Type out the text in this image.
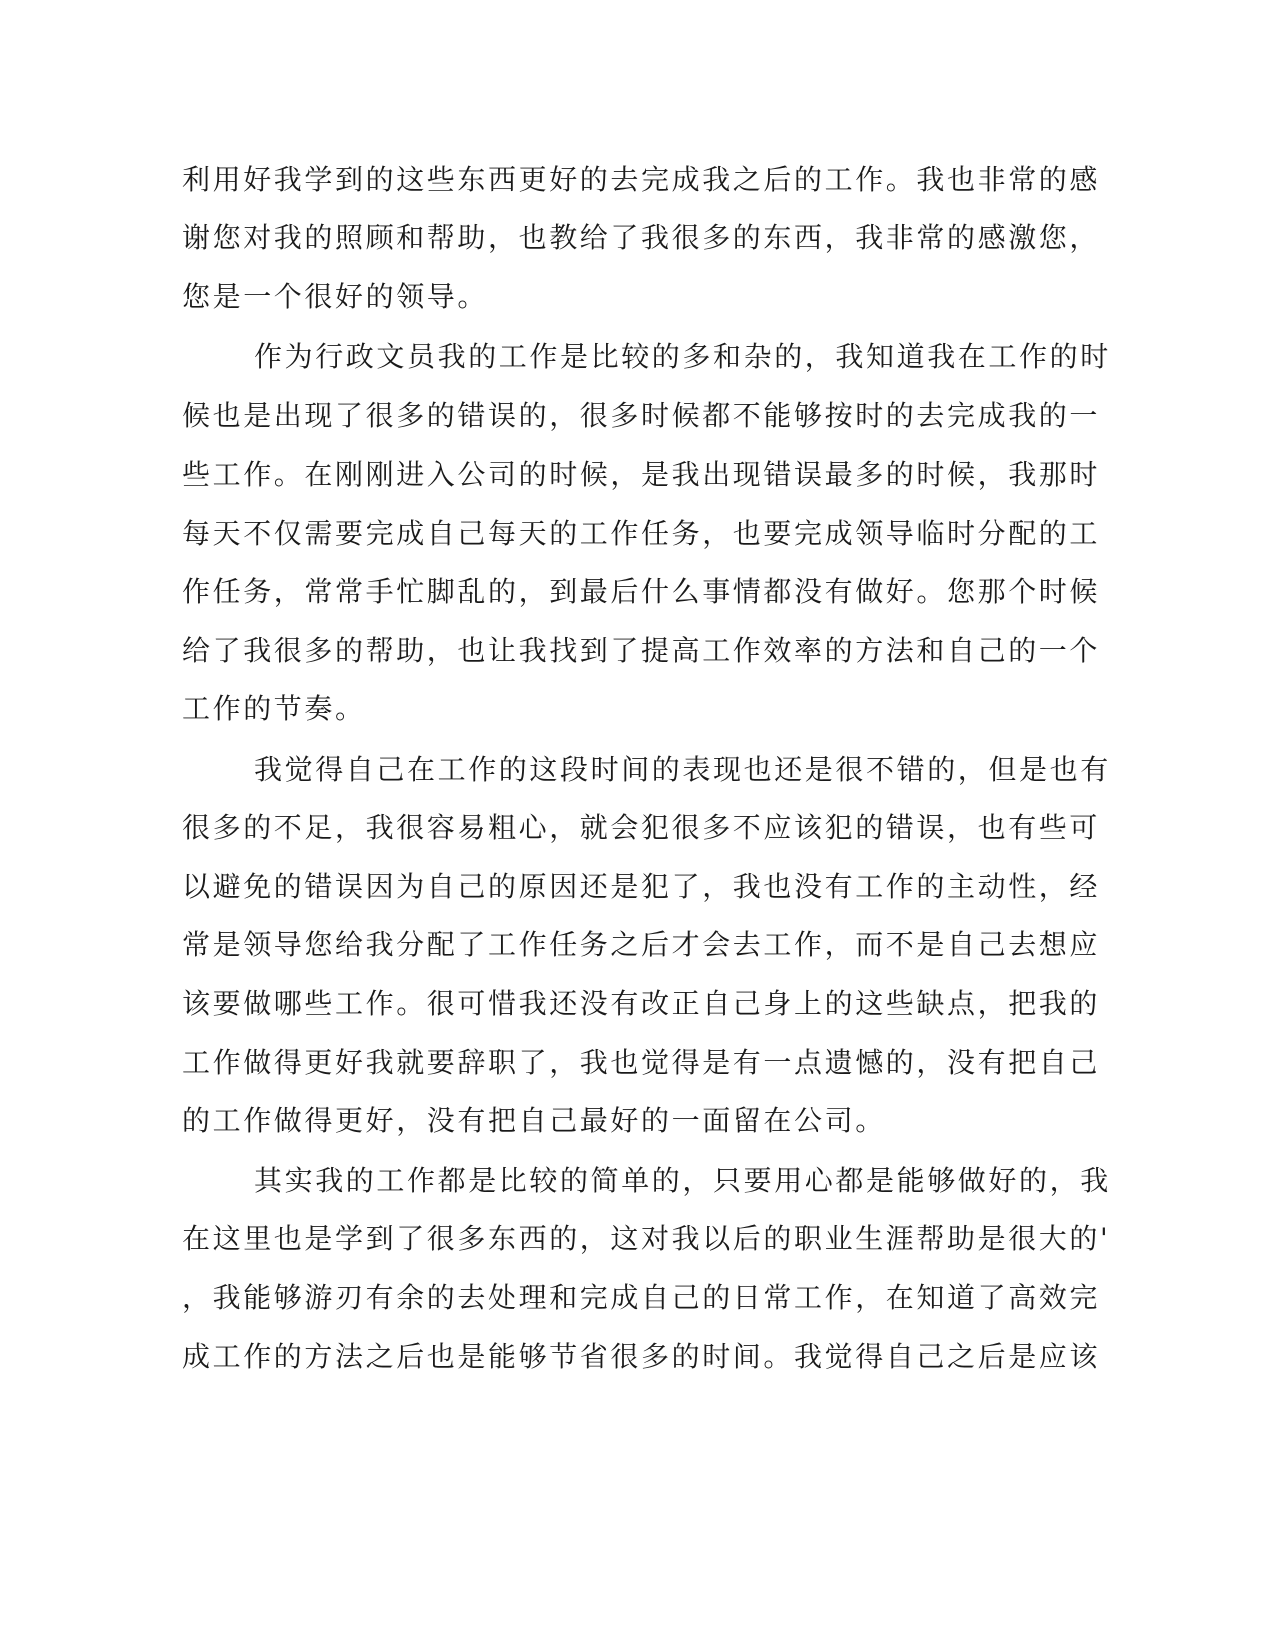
利用好我学到的这些东西更好的去完成我之后的工作。我也非常的感
谢您对我的照顾和帮助，也教给了我很多的东西，我非常的感激您，
您是一个很好的领导。
作为行政文员我的工作是比较的多和杂的，我知道我在工作的时
候也是出现了很多的错误的，很多时候都不能够按时的去完成我的一
些工作。在刚刚进入公司的时候，是我出现错误最多的时候，我那时
每天不仅需要完成自己每天的工作任务，也要完成领导临时分配的工
作任务，常常手忙脚乱的，到最后什么事情都没有做好。您那个时候
给了我很多的帮助，也让我找到了提高工作效率的方法和自己的一个
工作的节奏。
我觉得自己在工作的这段时间的表现也还是很不错的，但是也有
很多的不足，我很容易粗心，就会犯很多不应该犯的错误，也有些可
以避免的错误因为自己的原因还是犯了，我也没有工作的主动性，经
常是领导您给我分配了工作任务之后才会去工作，而不是自己去想应
该要做哪些工作。很可惜我还没有改正自己身上的这些缺点，把我的
工作做得更好我就要辞职了，我也觉得是有一点遗憾的，没有把自己
的工作做得更好，没有把自己最好的一面留在公司。
其实我的工作都是比较的简单的，只要用心都是能够做好的，我
在这里也是学到了很多东西的，这对我以后的职业生涯帮助是很大的'
，我能够游刃有余的去处理和完成自己的日常工作，在知道了高效完
成工作的方法之后也是能够节省很多的时间。我觉得自己之后是应该
